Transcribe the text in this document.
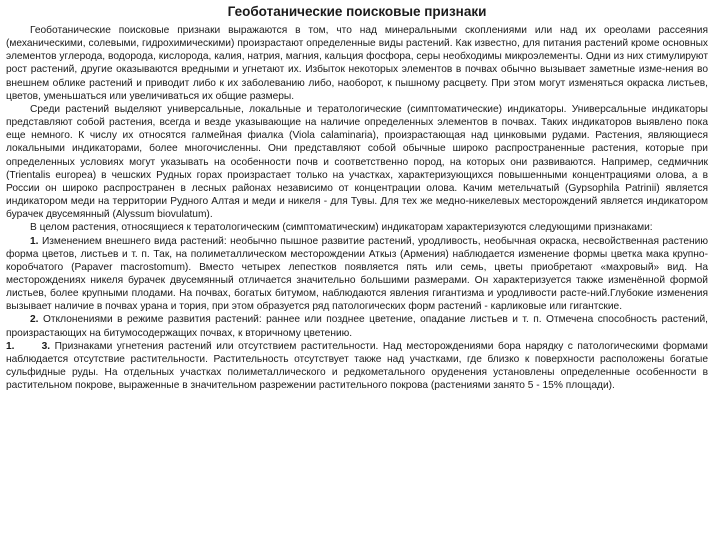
Геоботанические поисковые признаки

Геоботанические поисковые признаки выражаются в том, что над минеральными скоплениями или над их ореолами рассеяния (механическими, солевыми, гидрохимическими) произрастают определенные виды растений. Как известно, для питания растений кроме основных элементов углерода, водорода, кислорода, калия, натрия, магния, кальция фосфора, серы необходимы микроэлементы. Одни из них стимулируют рост растений, другие оказываются вредными и угнетают их. Избыток некоторых элементов в почвах обычно вызывает заметные изме-нения во внешнем облике растений и приводит либо к их заболеванию либо, наоборот, к пышному расцвету. При этом могут изменяться окраска листьев, цветов, уменьшаться или увеличиваться их общие размеры.

Среди растений выделяют универсальные, локальные и тератологические (симптоматические) индикаторы. Универсальные индикаторы представляют собой растения, всегда и везде указывающие на наличие определенных элементов в почвах. Таких индикаторов выявлено пока еще немного. К числу их относятся галмейная фиалка (Viola calaminaria), произрастающая над цинковыми рудами. Растения, являющиеся локальными индикаторами, более многочисленны. Они представляют собой обычные широко распространенные растения, которые при определенных условиях могут указывать на особенности почв и соответственно пород, на которых они развиваются. Например, седмичник (Trientalis europea) в чешских Рудных горах произрастает только на участках, характеризующихся повышенными концентрациями олова, а в России он широко распространен в лесных районах независимо от концентрации олова. Качим метельчатый (Gypsophila Patrinii) является индикатором меди на территории Рудного Алтая и меди и никеля - для Тувы. Для тех же медно-никелевых месторождений является индикатором бурачек двусемянный (Alyssum biovulatum).

В целом растения, относящиеся к тератологическим (симптоматическим) индикаторам характеризуются следующими признаками:

1. Изменением внешнего вида растений: необычно пышное развитие растений, уродливость, необычная окраска, несвойственная растению форма цветов, листьев и т. п. Так, на полиметаллическом месторождении Аткыз (Армения) наблюдается изменение формы цветка мака крупно-коробчатого (Papaver macrostomum). Вместо четырех лепестков появляется пять или семь, цветы приобретают «махровый» вид. На месторождениях никеля бурачек двусемянный отличается значительно большими размерами. Он характеризуется также изменённой формой листьев, более крупными плодами. На почвах, богатых битумом, наблюдаются явления гигантизма и уродливости расте-ний.Глубокие изменения вызывает наличие в почвах урана и тория, при этом образуется ряд патологических форм растений - карликовые или гигантские.

2. Отклонениями в режиме развития растений: раннее или позднее цветение, опадание листьев и т. п. Отмечена способность растений, произрастающих на битумосодержащих почвах, к вторичному цветению.

1.	3. Признаками угнетения растений или отсутствием растительности. Над месторождениями бора нарядку с патологическими формами наблюдается отсутствие растительности. Растительность отсутствует также над участками, где близко к поверхности расположены богатые сульфидные руды. На отдельных участках полиметаллического и редкометального оруденения установлены определенные особенности в растительном покрове, выраженные в значительном разрежении растительного покрова (растениями занято 5 - 15% площади).
